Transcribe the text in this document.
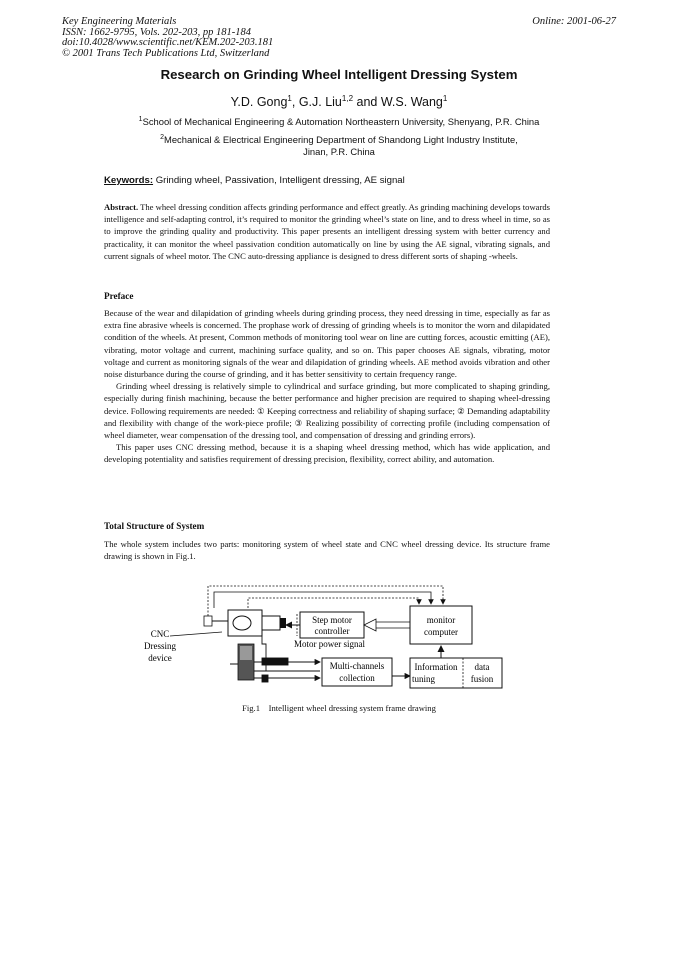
Key Engineering Materials
ISSN: 1662-9795, Vols. 202-203, pp 181-184
doi:10.4028/www.scientific.net/KEM.202-203.181
© 2001 Trans Tech Publications Ltd, Switzerland
Online: 2001-06-27
Research on Grinding Wheel Intelligent Dressing System
Y.D. Gong$^1$, G.J. Liu$^{1,2}$ and W.S. Wang$^1$
$^1$School of Mechanical Engineering & Automation Northeastern University, Shenyang, P.R. China
$^2$Mechanical & Electrical Engineering Department of Shandong Light Industry Institute,
Jinan, P.R. China
Keywords: Grinding wheel, Passivation, Intelligent dressing, AE signal
Abstract. The wheel dressing condition affects grinding performance and effect greatly. As grinding machining develops towards intelligence and self-adapting control, it’s required to monitor the grinding wheel’s state on line, and to dress wheel in time, so as to improve the grinding quality and productivity. This paper presents an intelligent dressing system with better currency and practicality, it can monitor the wheel passivation condition automatically on line by using the AE signal, vibrating signals, and current signals of wheel motor. The CNC auto-dressing appliance is designed to dress different sorts of shaping -wheels.
Preface
Because of the wear and dilapidation of grinding wheels during grinding process, they need dressing in time, especially as far as extra fine abrasive wheels is concerned. The prophase work of dressing of grinding wheels is to monitor the worn and dilapidated condition of the wheels. At present, Common methods of monitoring tool wear on line are cutting forces, acoustic emitting (AE), vibrating, motor voltage and current, machining surface quality, and so on. This paper chooses AE signals, vibrating, motor voltage and current as monitoring signals of the wear and dilapidation of grinding wheels. AE method avoids vibration and other noise disturbance during the course of grinding, and it has better sensitivity to certain frequency range.
Grinding wheel dressing is relatively simple to cylindrical and surface grinding, but more complicated to shaping grinding, especially during finish machining, because the better performance and higher precision are required to shaping wheel-dressing device. Following requirements are needed: ① Keeping correctness and reliability of shaping surface; ② Demanding adaptability and flexibility with change of the work-piece profile; ③ Realizing possibility of correcting profile (including compensation of wheel diameter, wear compensation of the dressing tool, and compensation of dressing and grinding errors).
This paper uses CNC dressing method, because it is a shaping wheel dressing method, which has wide application, and developing potentiality and satisfies requirement of dressing precision, flexibility, correct ability, and automation.
Total Structure of System
The whole system includes two parts: monitoring system of wheel state and CNC wheel dressing device. Its structure frame drawing is shown in Fig.1.
CNC
Dressing
device
Step motor
controller
monitor
computer
Motor power signal
Multi-channels
collection
Information
tuning
data
fusion
Fig.1    Intelligent wheel dressing system frame drawing
